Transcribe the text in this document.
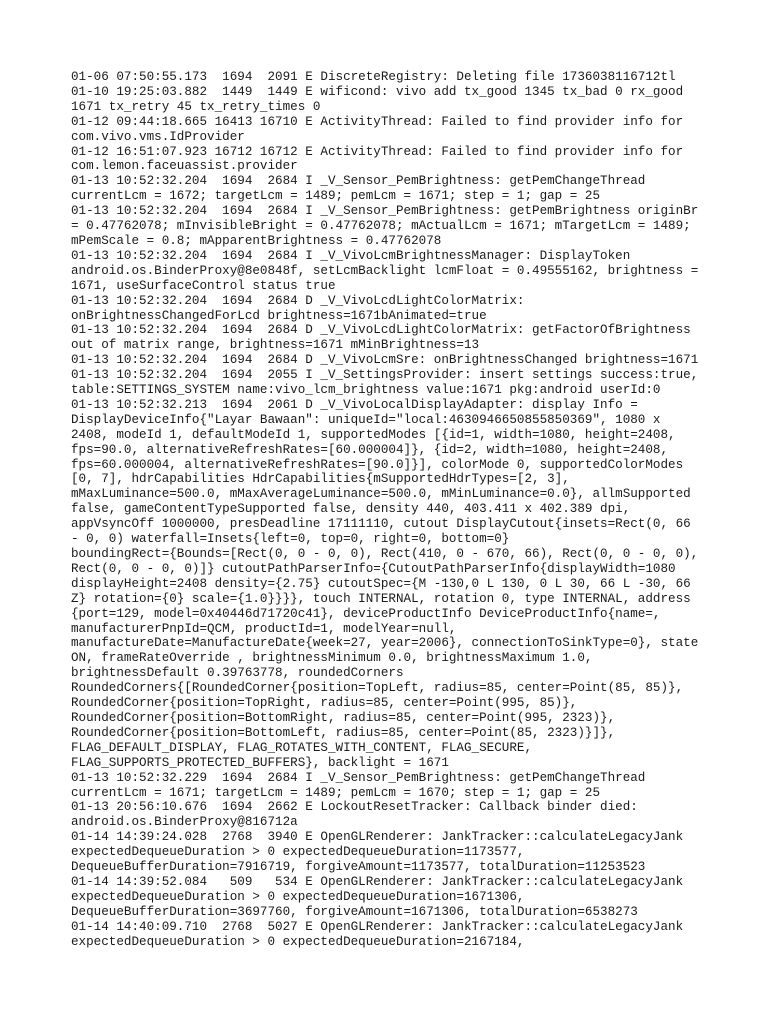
01-06 07:50:55.173  1694  2091 E DiscreteRegistry: Deleting file 1736038116712tl
01-10 19:25:03.882  1449  1449 E wificond: vivo add tx_good 1345 tx_bad 0 rx_good
1671 tx_retry 45 tx_retry_times 0
01-12 09:44:18.665 16413 16710 E ActivityThread: Failed to find provider info for
com.vivo.vms.IdProvider
01-12 16:51:07.923 16712 16712 E ActivityThread: Failed to find provider info for
com.lemon.faceuassist.provider
01-13 10:52:32.204  1694  2684 I _V_Sensor_PemBrightness: getPemChangeThread
currentLcm = 1672; targetLcm = 1489; pemLcm = 1671; step = 1; gap = 25
01-13 10:52:32.204  1694  2684 I _V_Sensor_PemBrightness: getPemBrightness originBr
= 0.47762078; mInvisibleBright = 0.47762078; mActualLcm = 1671; mTargetLcm = 1489;
mPemScale = 0.8; mApparentBrightness = 0.47762078
01-13 10:52:32.204  1694  2684 I _V_VivoLcmBrightnessManager: DisplayToken
android.os.BinderProxy@8e0848f, setLcmBacklight lcmFloat = 0.49555162, brightness =
1671, useSurfaceControl status true
01-13 10:52:32.204  1694  2684 D _V_VivoLcdLightColorMatrix:
onBrightnessChangedForLcd brightness=1671bAnimated=true
01-13 10:52:32.204  1694  2684 D _V_VivoLcdLightColorMatrix: getFactorOfBrightness
out of matrix range, brightness=1671 mMinBrightness=13
01-13 10:52:32.204  1694  2684 D _V_VivoLcmSre: onBrightnessChanged brightness=1671
01-13 10:52:32.204  1694  2055 I _V_SettingsProvider: insert settings success:true,
table:SETTINGS_SYSTEM name:vivo_lcm_brightness value:1671 pkg:android userId:0
01-13 10:52:32.213  1694  2061 D _V_VivoLocalDisplayAdapter: display Info =
DisplayDeviceInfo{"Layar Bawaan": uniqueId="local:4630946650855850369", 1080 x
2408, modeId 1, defaultModeId 1, supportedModes [{id=1, width=1080, height=2408,
fps=90.0, alternativeRefreshRates=[60.000004]}, {id=2, width=1080, height=2408,
fps=60.000004, alternativeRefreshRates=[90.0]}], colorMode 0, supportedColorModes
[0, 7], hdrCapabilities HdrCapabilities{mSupportedHdrTypes=[2, 3],
mMaxLuminance=500.0, mMaxAverageLuminance=500.0, mMinLuminance=0.0}, allmSupported
false, gameContentTypeSupported false, density 440, 403.411 x 402.389 dpi,
appVsyncOff 1000000, presDeadline 17111110, cutout DisplayCutout{insets=Rect(0, 66
- 0, 0) waterfall=Insets{left=0, top=0, right=0, bottom=0}
boundingRect={Bounds=[Rect(0, 0 - 0, 0), Rect(410, 0 - 670, 66), Rect(0, 0 - 0, 0),
Rect(0, 0 - 0, 0)]} cutoutPathParserInfo={CutoutPathParserInfo{displayWidth=1080
displayHeight=2408 density={2.75} cutoutSpec={M -130,0 L 130, 0 L 30, 66 L -30, 66
Z} rotation={0} scale={1.0}}}}, touch INTERNAL, rotation 0, type INTERNAL, address
{port=129, model=0x40446d71720c41}, deviceProductInfo DeviceProductInfo{name=,
manufacturerPnpId=QCM, productId=1, modelYear=null,
manufactureDate=ManufactureDate{week=27, year=2006}, connectionToSinkType=0}, state
ON, frameRateOverride , brightnessMinimum 0.0, brightnessMaximum 1.0,
brightnessDefault 0.39763778, roundedCorners
RoundedCorners{[RoundedCorner{position=TopLeft, radius=85, center=Point(85, 85)},
RoundedCorner{position=TopRight, radius=85, center=Point(995, 85)},
RoundedCorner{position=BottomRight, radius=85, center=Point(995, 2323)},
RoundedCorner{position=BottomLeft, radius=85, center=Point(85, 2323)}]},
FLAG_DEFAULT_DISPLAY, FLAG_ROTATES_WITH_CONTENT, FLAG_SECURE,
FLAG_SUPPORTS_PROTECTED_BUFFERS}, backlight = 1671
01-13 10:52:32.229  1694  2684 I _V_Sensor_PemBrightness: getPemChangeThread
currentLcm = 1671; targetLcm = 1489; pemLcm = 1670; step = 1; gap = 25
01-13 20:56:10.676  1694  2662 E LockoutResetTracker: Callback binder died:
android.os.BinderProxy@816712a
01-14 14:39:24.028  2768  3940 E OpenGLRenderer: JankTracker::calculateLegacyJank
expectedDequeueDuration > 0 expectedDequeueDuration=1173577,
DequeueBufferDuration=7916719, forgiveAmount=1173577, totalDuration=11253523
01-14 14:39:52.084   509   534 E OpenGLRenderer: JankTracker::calculateLegacyJank
expectedDequeueDuration > 0 expectedDequeueDuration=1671306,
DequeueBufferDuration=3697760, forgiveAmount=1671306, totalDuration=6538273
01-14 14:40:09.710  2768  5027 E OpenGLRenderer: JankTracker::calculateLegacyJank
expectedDequeueDuration > 0 expectedDequeueDuration=2167184,
